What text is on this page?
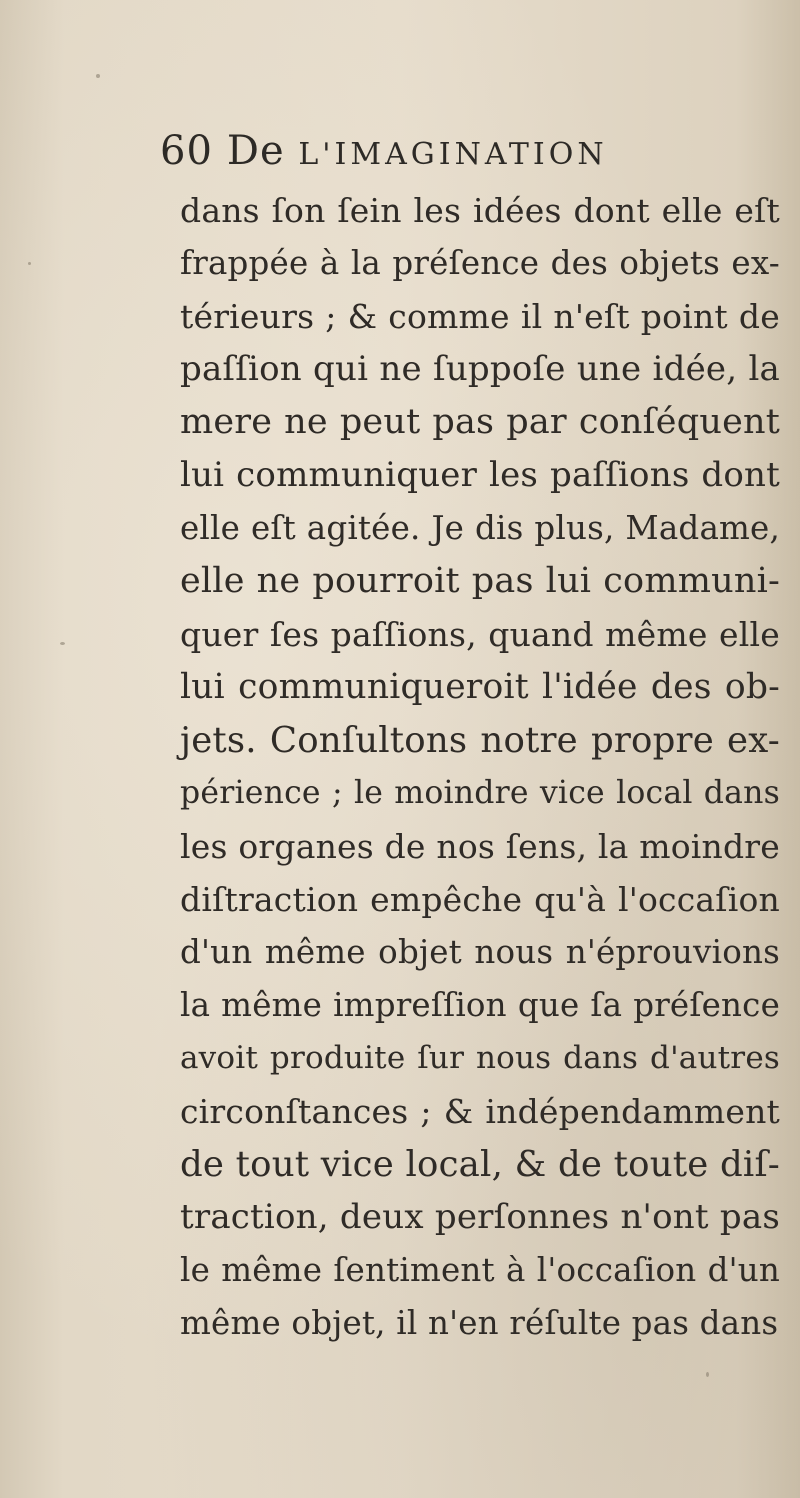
60 De L'IMAGINATION
dans ſon ſein les idées dont elle eſt
frappée à la préſence des objets ex-
térieurs ; & comme il n'eſt point de
paſſion qui ne ſuppoſe une idée, la
mere ne peut pas par conſéquent
lui communiquer les paſſions dont
elle eſt agitée. Je dis plus, Madame,
elle ne pourroit pas lui communi-
quer ſes paſſions, quand même elle
lui communiqueroit l'idée des ob-
jets. Conſultons notre propre ex-
périence ; le moindre vice local dans
les organes de nos ſens, la moindre
diſtraction empêche qu'à l'occaſion
d'un même objet nous n'éprouvions
la même impreſſion que ſa préſence
avoit produite ſur nous dans d'autres
circonſtances ; & indépendamment
de tout vice local, & de toute diſ-
traction, deux perſonnes n'ont pas
le même ſentiment à l'occaſion d'un
même objet, il n'en réſulte pas dans
